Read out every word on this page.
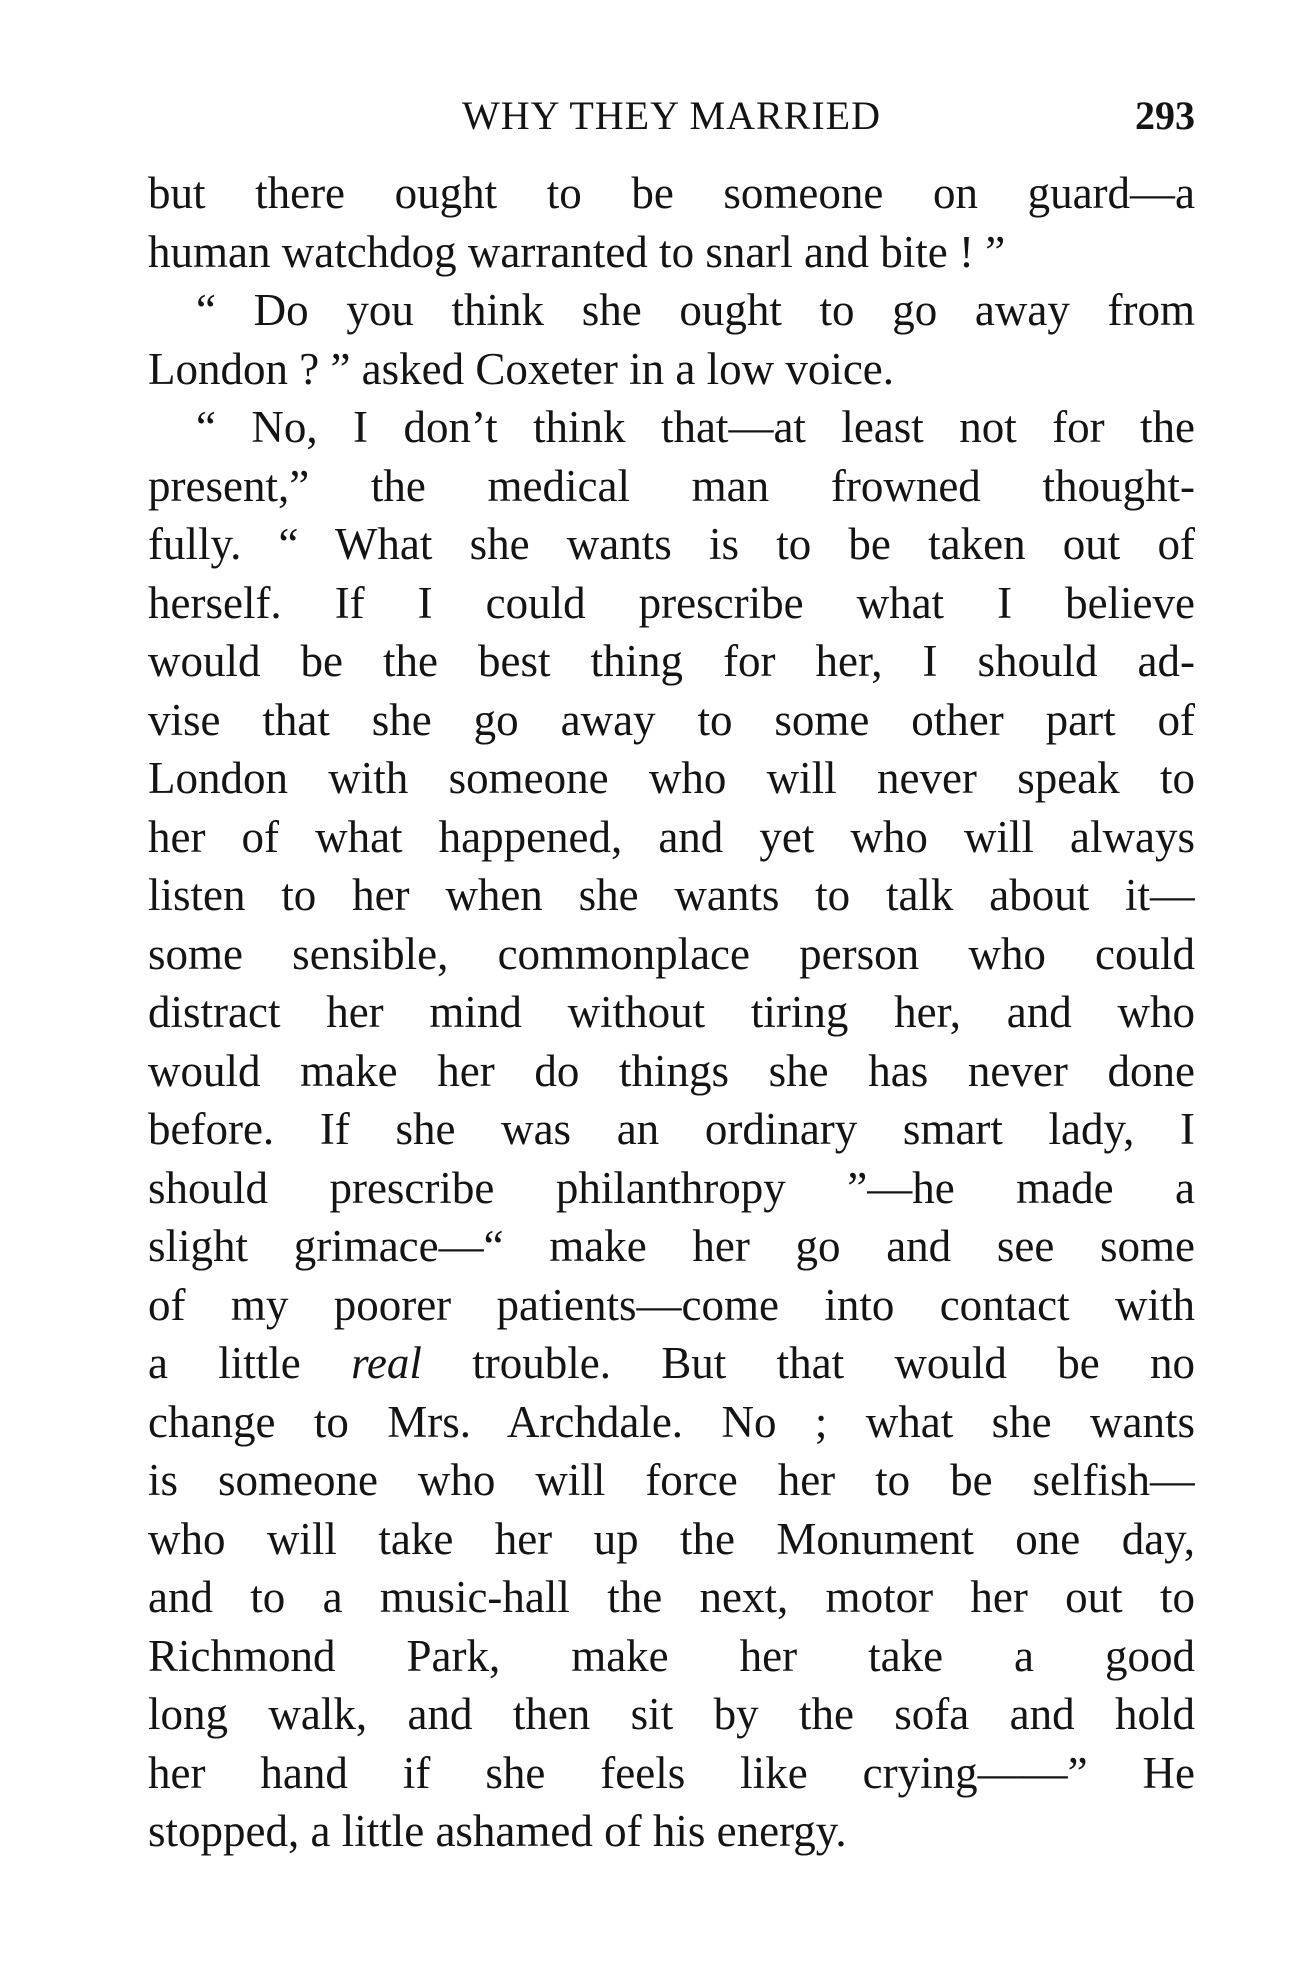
WHY THEY MARRIED	293
but there ought to be someone on guard—a
human watchdog warranted to snarl and bite ! ”
“ Do you think she ought to go away from
London ? ” asked Coxeter in a low voice.
“ No, I don’t think that—at least not for the
present,” the medical man frowned thought-
fully. “ What she wants is to be taken out of
herself. If I could prescribe what I believe
would be the best thing for her, I should ad-
vise that she go away to some other part of
London with someone who will never speak to
her of what happened, and yet who will always
listen to her when she wants to talk about it—
some sensible, commonplace person who could
distract her mind without tiring her, and who
would make her do things she has never done
before. If she was an ordinary smart lady, I
should prescribe philanthropy ”—he made a
slight grimace—“ make her go and see some
of my poorer patients—come into contact with
a little real trouble. But that would be no
change to Mrs. Archdale. No ; what she wants
is someone who will force her to be selfish—
who will take her up the Monument one day,
and to a music-hall the next, motor her out to
Richmond Park, make her take a good
long walk, and then sit by the sofa and hold
her hand if she feels like crying——” He
stopped, a little ashamed of his energy.
